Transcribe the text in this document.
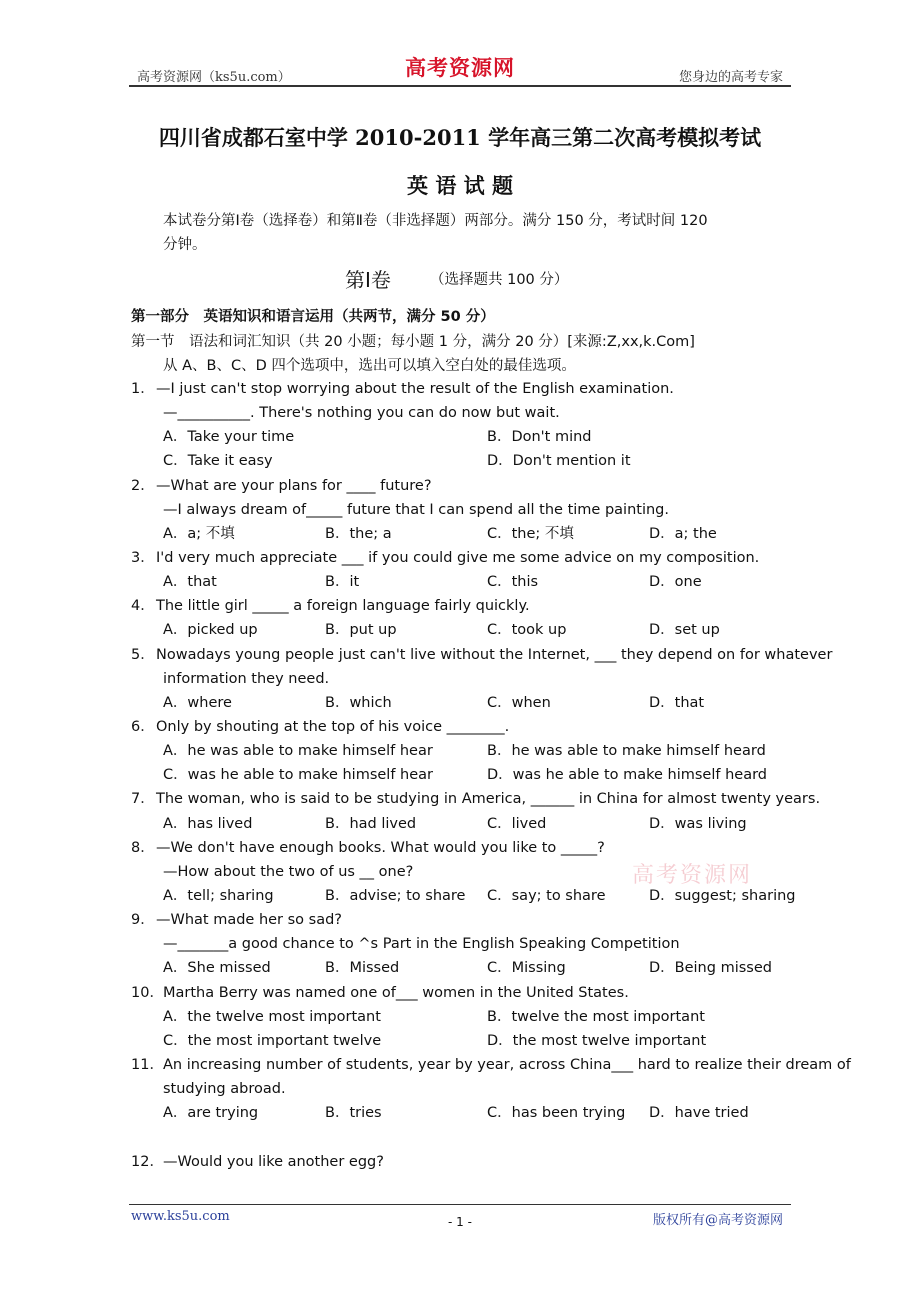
高考资源网（ks5u.com）	高考资源网	您身边的高考专家
四川省成都石室中学 2010-2011 学年高三第二次高考模拟考试
英 语 试 题
本试卷分第Ⅰ卷（选择卷）和第Ⅱ卷（非选择题）两部分。满分 150 分，考试时间 120
分钟。
第Ⅰ卷	（选择题共 100 分）
第一部分　英语知识和语言运用（共两节，满分 50 分）
第一节　语法和词汇知识（共 20 小题；每小题 1 分，满分 20 分）[来源:Z,xx,k.Com]
从 A、B、C、D 四个选项中，选出可以填入空白处的最佳选项。
高考资源网
1． —I just can't stop worrying about the result of the English examination.
—__________. There's nothing you can do now but wait.
A．Take your time	B．Don't mind
C．Take it easy	D．Don't mention it
2． —What are your plans for ____ future?
—I always dream of_____ future that I can spend all the time painting.
A．a; 不填	B．the; a	C．the; 不填	D．a; the
3． I'd very much appreciate ___ if you could give me some advice on my composition.
A．that	B．it	C．this	D．one
4． The little girl _____ a foreign language fairly quickly.
A．picked up	B．put up	C．took up	D．set up
5． Nowadays young people just can't live without the Internet, ___ they depend on for whatever
information they need.
A．where	B．which	C．when	D．that
6． Only by shouting at the top of his voice ________.
A．he was able to make himself hear	B．he was able to make himself heard
C．was he able to make himself hear	D．was he able to make himself heard
7． The woman, who is said to be studying in America, ______ in China for almost twenty years.
A．has lived	B．had lived	C．lived	D．was living
8． —We don't have enough books. What would you like to _____?
—How about the two of us __ one?
A．tell; sharing	B．advise; to share C．say; to share	D．suggest; sharing
9． —What made her so sad?
—_______a good chance to ^s Part in the English Speaking Competition
A．She missed	B．Missed	C．Missing	D．Being missed
10． Martha Berry was named one of___ women in the United States.
A．the twelve most important	B．twelve the most important
C．the most important twelve	D．the most twelve important
11． An increasing number of students, year by year, across China___ hard to realize their dream of
studying abroad.
A．are trying	B．tries	C．has been trying D．have tried
12． —Would you like another egg?
www.ks5u.com	- 1 -	版权所有@高考资源网
